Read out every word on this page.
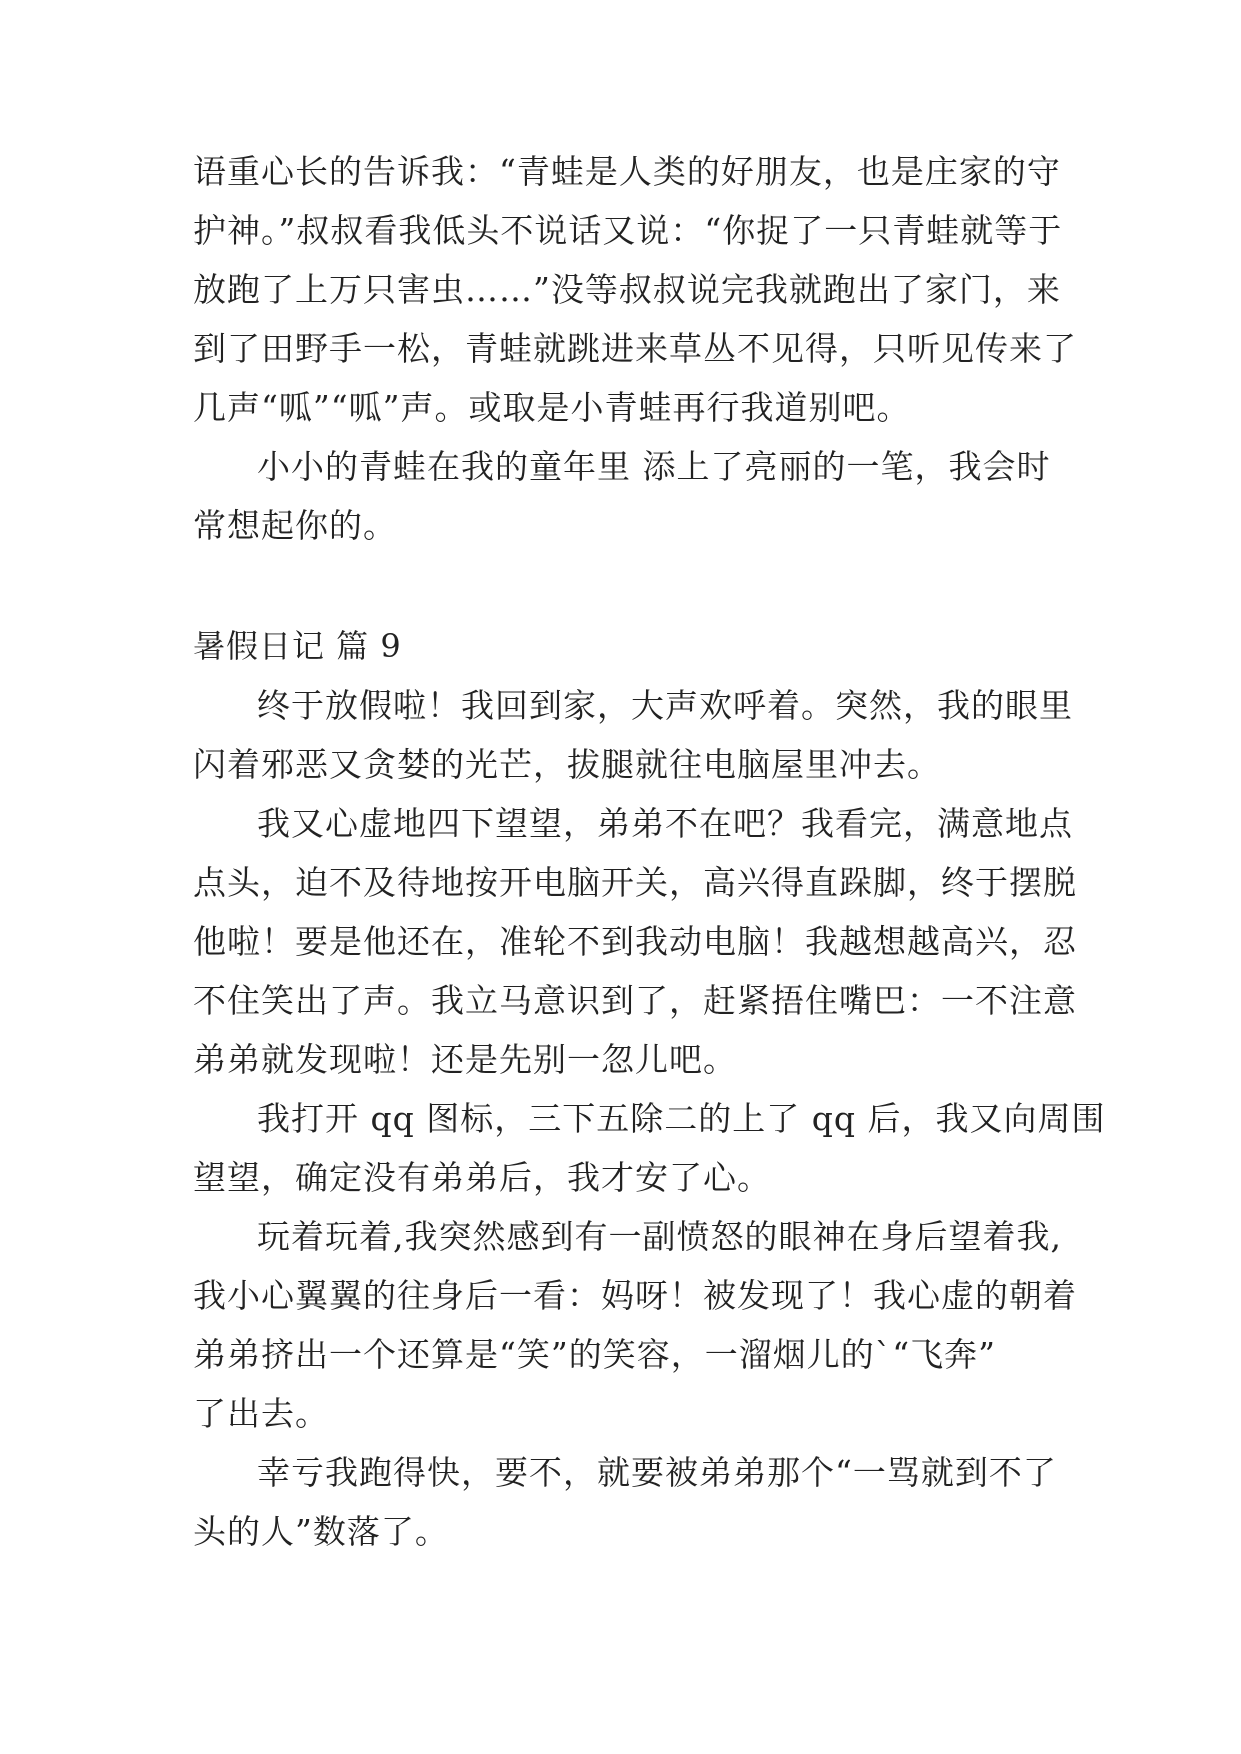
语重心长的告诉我：“青蛙是人类的好朋友，也是庄家的守
护神。”叔叔看我低头不说话又说：“你捉了一只青蛙就等于
放跑了上万只害虫……”没等叔叔说完我就跑出了家门，来
到了田野手一松，青蛙就跳进来草丛不见得，只听见传来了
几声“呱”“呱”声。或取是小青蛙再行我道别吧。
小小的青蛙在我的童年里 添上了亮丽的一笔，我会时
常想起你的。
暑假日记 篇 9
终于放假啦！我回到家，大声欢呼着。突然，我的眼里
闪着邪恶又贪婪的光芒，拔腿就往电脑屋里冲去。
我又心虚地四下望望，弟弟不在吧？我看完，满意地点
点头，迫不及待地按开电脑开关，高兴得直跺脚，终于摆脱
他啦！要是他还在，准轮不到我动电脑！我越想越高兴，忍
不住笑出了声。我立马意识到了，赶紧捂住嘴巴：一不注意
弟弟就发现啦！还是先别一忽儿吧。
我打开 qq 图标，三下五除二的上了 qq 后，我又向周围
望望，确定没有弟弟后，我才安了心。
玩着玩着,我突然感到有一副愤怒的眼神在身后望着我,
我小心翼翼的往身后一看：妈呀！被发现了！我心虚的朝着
弟弟挤出一个还算是“笑”的笑容，一溜烟儿的`“飞奔”
了出去。
幸亏我跑得快，要不，就要被弟弟那个“一骂就到不了
头的人”数落了。
